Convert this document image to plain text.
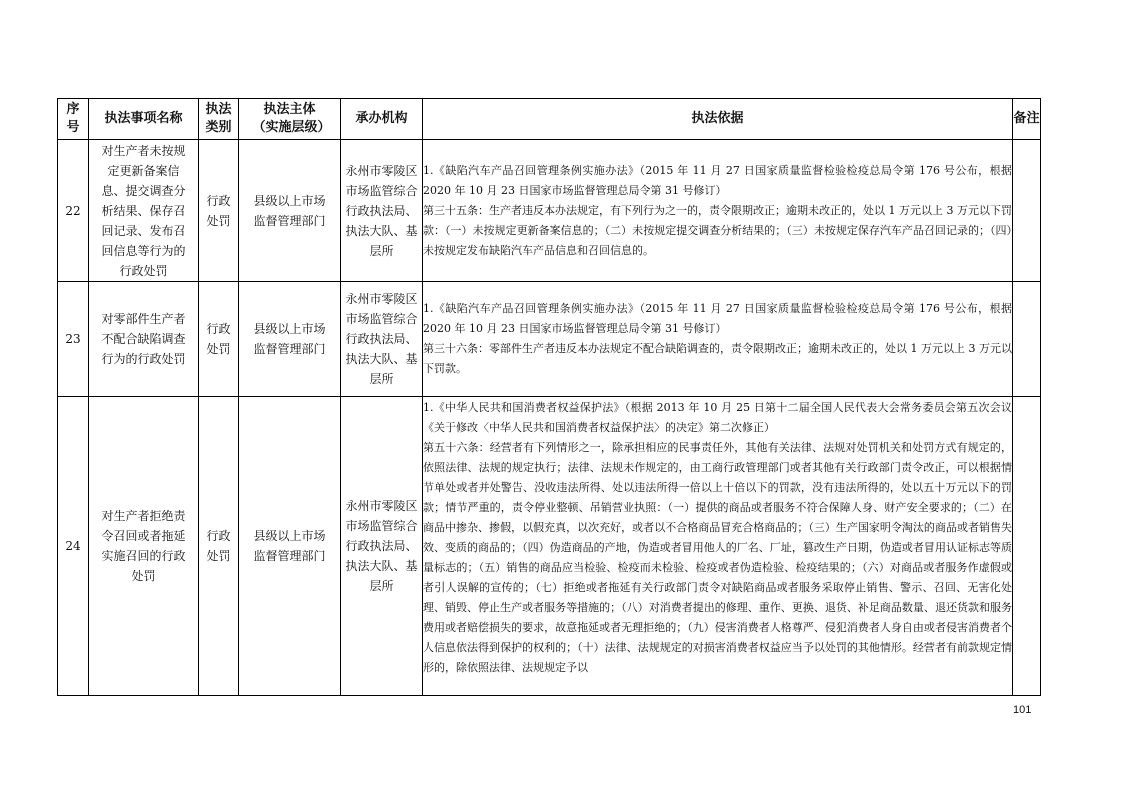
序号	执法事项名称	执法类别	执法主体（实施层级）	承办机构	执法依据	备注
22	对生产者未按规定更新备案信息、提交调查分析结果、保存召回记录、发布召回信息等行为的行政处罚	行政处罚	县级以上市场监督管理部门	永州市零陵区市场监管综合行政执法局、执法大队、基层所	1.《缺陷汽车产品召回管理条例实施办法》（2015 年 11 月 27 日国家质量监督检验检疫总局令第 176 号公布，根据 2020 年 10 月 23 日国家市场监督管理总局令第 31 号修订）

第三十五条：生产者违反本办法规定，有下列行为之一的，责令限期改正；逾期未改正的，处以 1 万元以上 3 万元以下罚款：（一）未按规定更新备案信息的；（二）未按规定提交调查分析结果的；（三）未按规定保存汽车产品召回记录的；（四）未按规定发布缺陷汽车产品信息和召回信息的。	

23	对零部件生产者不配合缺陷调查行为的行政处罚	行政处罚	县级以上市场监督管理部门	永州市零陵区市场监管综合行政执法局、执法大队、基层所	1.《缺陷汽车产品召回管理条例实施办法》（2015 年 11 月 27 日国家质量监督检验检疫总局令第 176 号公布，根据 2020 年 10 月 23 日国家市场监督管理总局令第 31 号修订）

第三十六条：零部件生产者违反本办法规定不配合缺陷调查的，责令限期改正；逾期未改正的，处以 1 万元以上 3 万元以下罚款。	

24	对生产者拒绝责令召回或者拖延实施召回的行政处罚	行政处罚	县级以上市场监督管理部门	永州市零陵区市场监管综合行政执法局、执法大队、基层所	1.《中华人民共和国消费者权益保护法》（根据 2013 年 10 月 25 日第十二届全国人民代表大会常务委员会第五次会议《关于修改〈中华人民共和国消费者权益保护法〉的决定》第二次修正）

第五十六条：经营者有下列情形之一，除承担相应的民事责任外，其他有关法律、法规对处罚机关和处罚方式有规定的，依照法律、法规的规定执行；法律、法规未作规定的，由工商行政管理部门或者其他有关行政部门责令改正，可以根据情节单处或者并处警告、没收违法所得、处以违法所得一倍以上十倍以下的罚款，没有违法所得的，处以五十万元以下的罚款；情节严重的，责令停业整顿、吊销营业执照：（一）提供的商品或者服务不符合保障人身、财产安全要求的；（二）在商品中掺杂、掺假，以假充真，以次充好，或者以不合格商品冒充合格商品的；（三）生产国家明令淘汰的商品或者销售失效、变质的商品的；（四）伪造商品的产地，伪造或者冒用他人的厂名、厂址，篡改生产日期，伪造或者冒用认证标志等质量标志的；（五）销售的商品应当检验、检疫而未检验、检疫或者伪造检验、检疫结果的；（六）对商品或者服务作虚假或者引人误解的宣传的；（七）拒绝或者拖延有关行政部门责令对缺陷商品或者服务采取停止销售、警示、召回、无害化处理、销毁、停止生产或者服务等措施的；（八）对消费者提出的修理、重作、更换、退货、补足商品数量、退还货款和服务费用或者赔偿损失的要求，故意拖延或者无理拒绝的；（九）侵害消费者人格尊严、侵犯消费者人身自由或者侵害消费者个人信息依法得到保护的权利的；（十）法律、法规规定的对损害消费者权益应当予以处罚的其他情形。经营者有前款规定情形的，除依照法律、法规规定予以	

101
